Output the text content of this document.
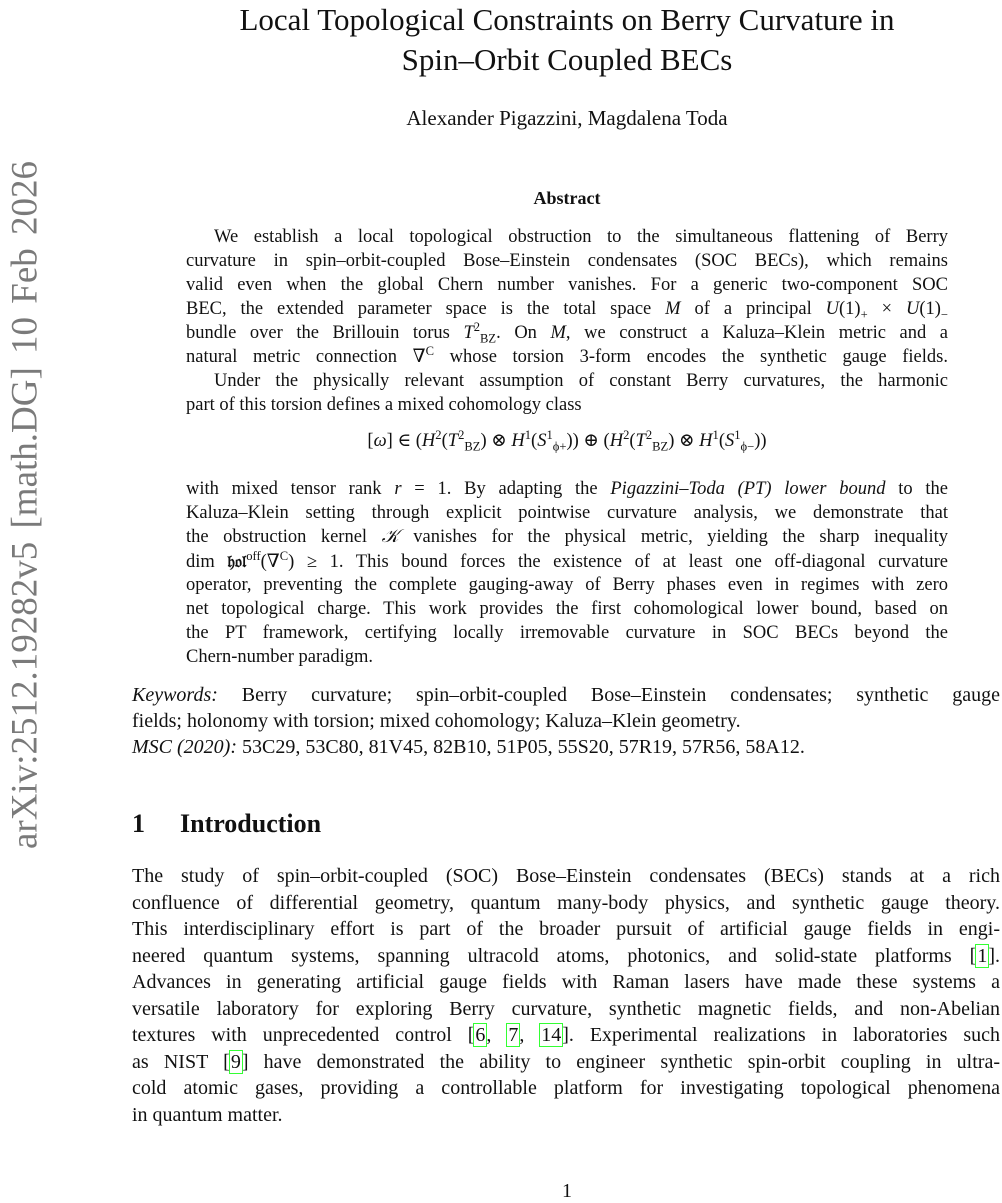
arXiv:2512.19282v5 [math.DG] 10 Feb 2026
Local Topological Constraints on Berry Curvature in
Spin–Orbit Coupled BECs
Alexander Pigazzini, Magdalena Toda
Abstract
We establish a local topological obstruction to the simultaneous flattening of Berry
curvature in spin–orbit-coupled Bose–Einstein condensates (SOC BECs), which remains
valid even when the global Chern number vanishes. For a generic two-component SOC
BEC, the extended parameter space is the total space M of a principal $U(1)_+ \times U(1)_-$
bundle over the Brillouin torus $T^2_{BZ}$. On M, we construct a Kaluza–Klein metric and a
natural metric connection ∇$^C$ whose torsion 3-form encodes the synthetic gauge fields.
Under the physically relevant assumption of constant Berry curvatures, the harmonic
part of this torsion defines a mixed cohomology class
[ω] ∈ ($H^2(T^2_{BZ})$ ⊗ $H^1(S^1_{\phi+})$) ⊕ ($H^2(T^2_{BZ})$ ⊗ $H^1(S^1_{\phi-})$)
with mixed tensor rank r = 1. By adapting the Pigazzini–Toda (PT) lower bound to the
Kaluza–Klein setting through explicit pointwise curvature analysis, we demonstrate that
the obstruction kernel 𝒦 vanishes for the physical metric, yielding the sharp inequality
dim 𝔥𝔬𝔩$^{off}$(∇$^C$) ≥ 1. This bound forces the existence of at least one off-diagonal curvature
operator, preventing the complete gauging-away of Berry phases even in regimes with zero
net topological charge. This work provides the first cohomological lower bound, based on
the PT framework, certifying locally irremovable curvature in SOC BECs beyond the
Chern-number paradigm.
Keywords: Berry curvature; spin–orbit-coupled Bose–Einstein condensates; synthetic gauge
fields; holonomy with torsion; mixed cohomology; Kaluza–Klein geometry.
MSC (2020): 53C29, 53C80, 81V45, 82B10, 51P05, 55S20, 57R19, 57R56, 58A12.
1 Introduction
The study of spin–orbit-coupled (SOC) Bose–Einstein condensates (BECs) stands at a rich
confluence of differential geometry, quantum many-body physics, and synthetic gauge theory.
This interdisciplinary effort is part of the broader pursuit of artificial gauge fields in engi-
neered quantum systems, spanning ultracold atoms, photonics, and solid-state platforms [1].
Advances in generating artificial gauge fields with Raman lasers have made these systems a
versatile laboratory for exploring Berry curvature, synthetic magnetic fields, and non-Abelian
textures with unprecedented control [6, 7, 14]. Experimental realizations in laboratories such
as NIST [9] have demonstrated the ability to engineer synthetic spin-orbit coupling in ultra-
cold atomic gases, providing a controllable platform for investigating topological phenomena
in quantum matter.
1
